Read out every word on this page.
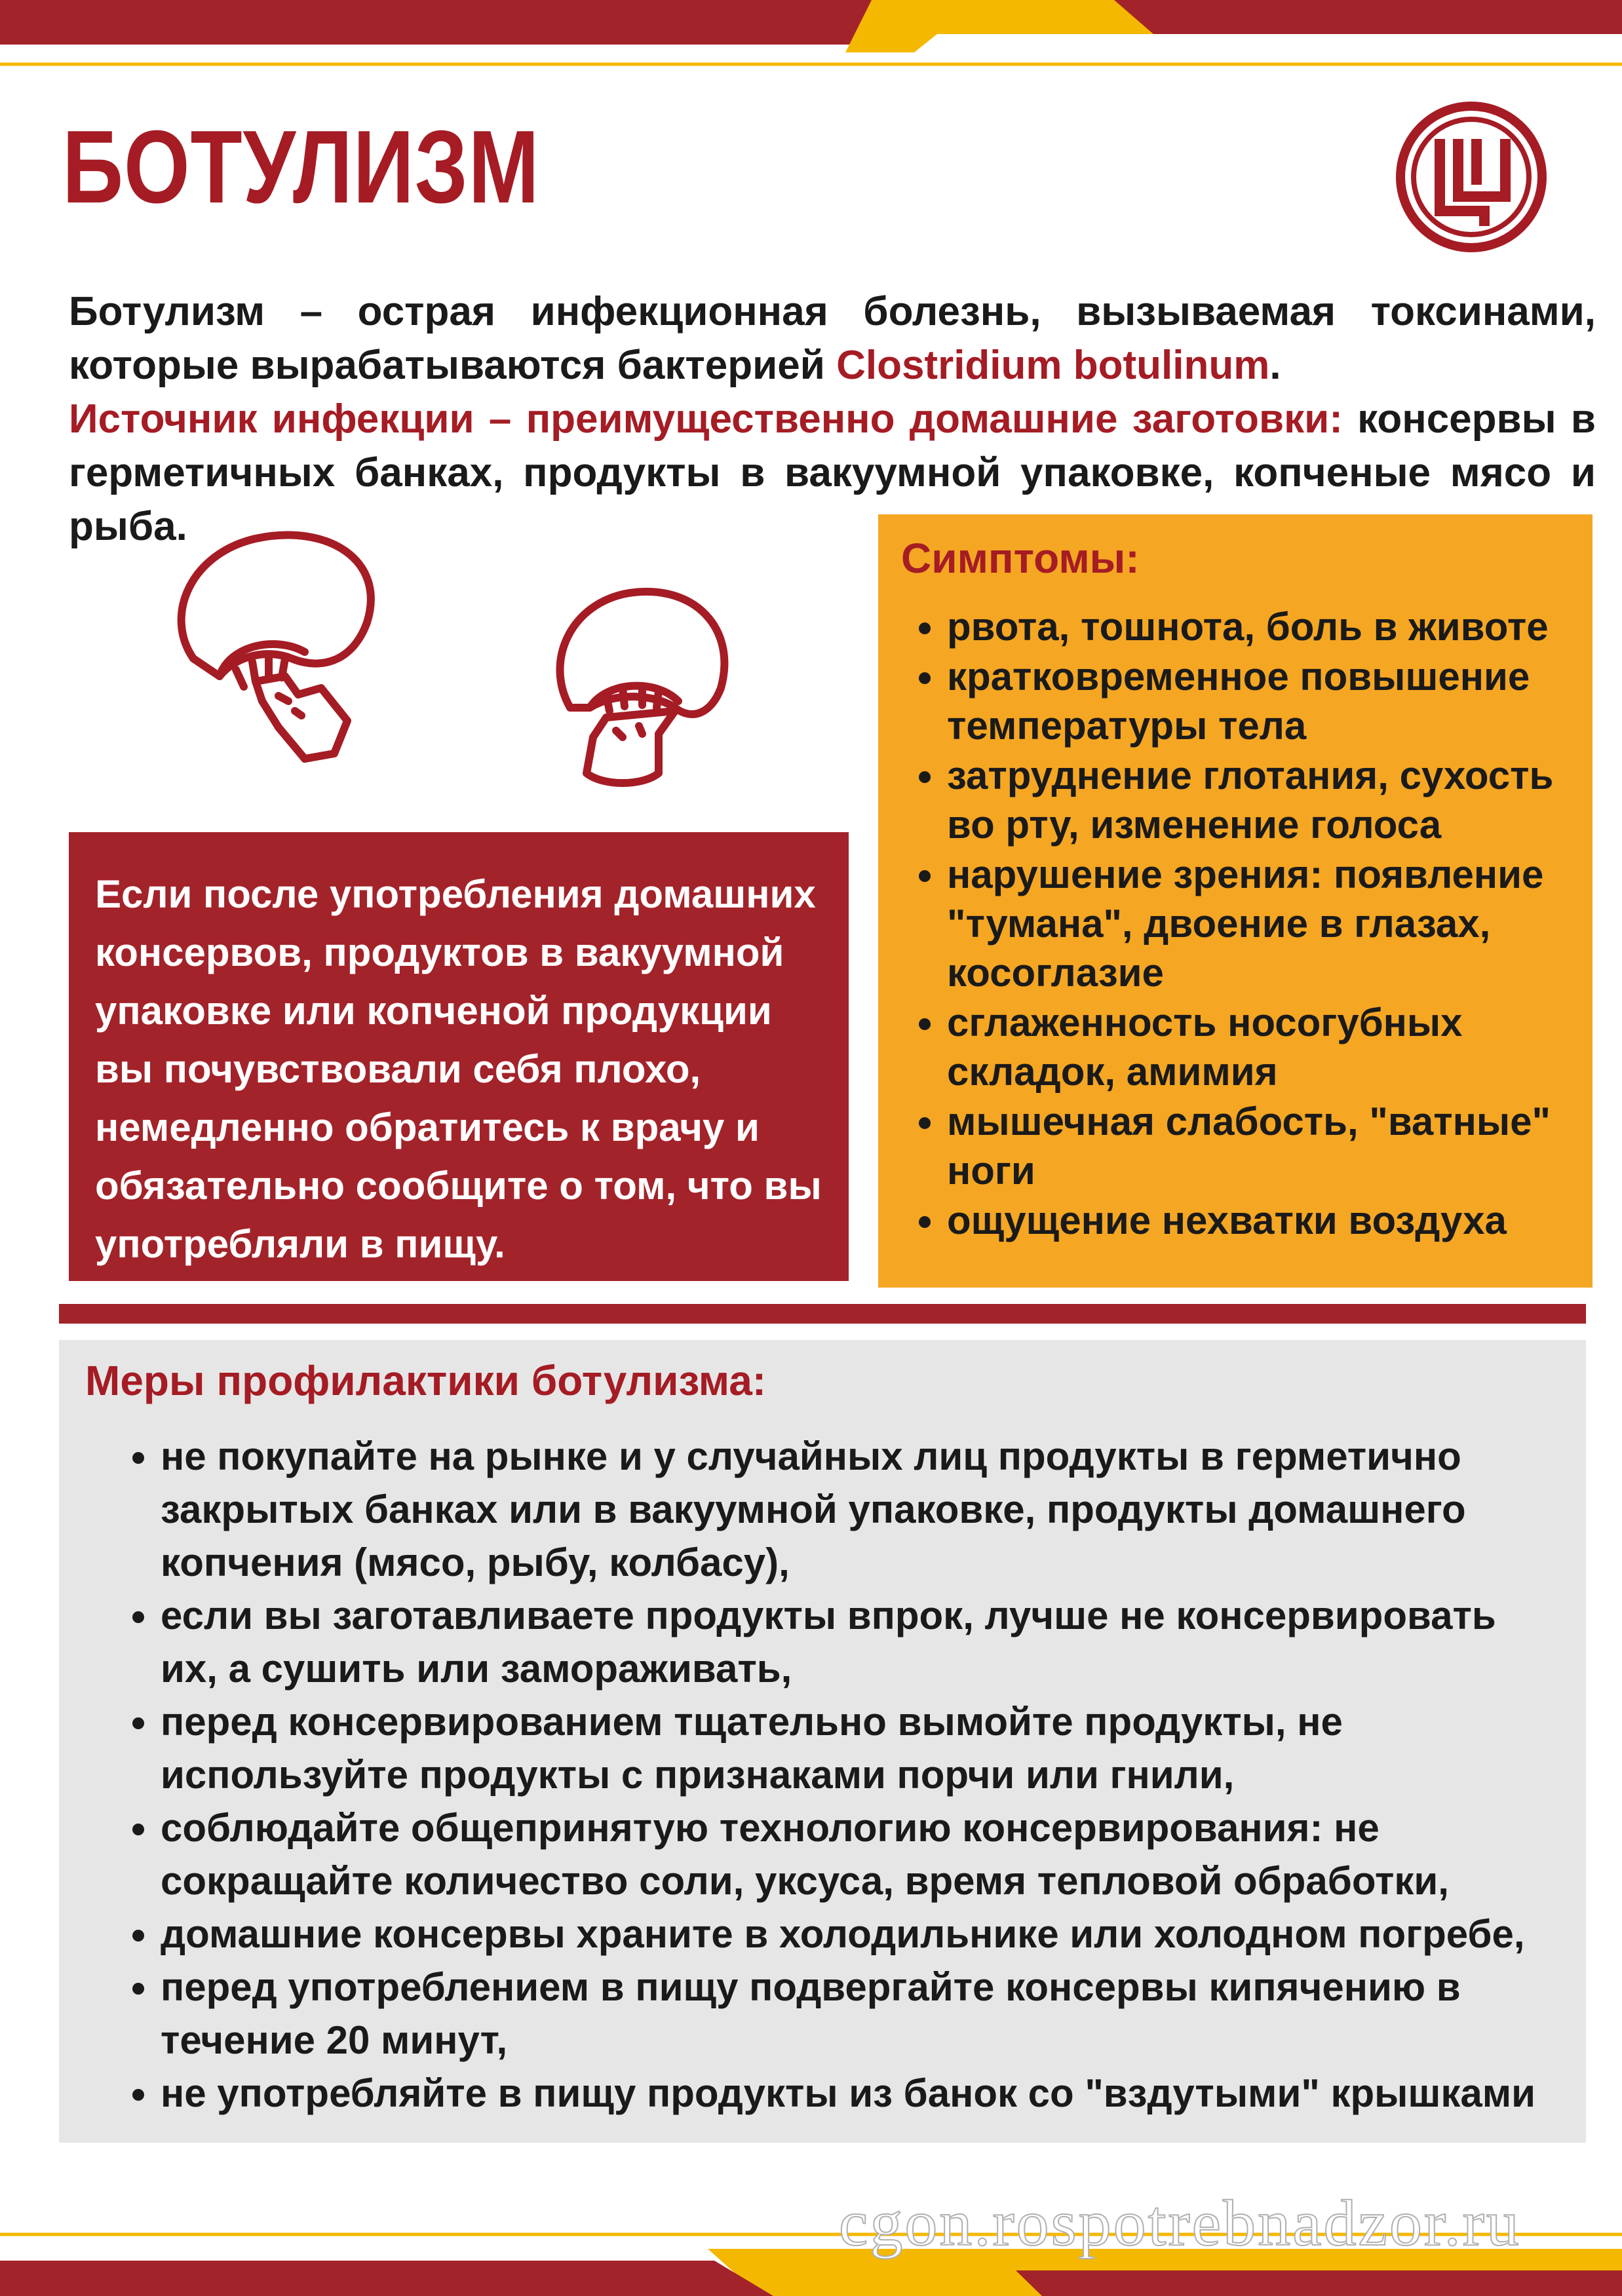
БОТУЛИЗМ

Ботулизм – острая инфекционная болезнь, вызываемая токсинами, которые вырабатываются бактерией Clostridium botulinum.

Источник инфекции – преимущественно домашние заготовки: консервы в герметичных банках, продукты в вакуумной упаковке, копченые мясо и рыба.

Если после употребления домашних консервов, продуктов в вакуумной упаковке или копченой продукции вы почувствовали себя плохо, немедленно обратитесь к врачу и обязательно сообщите о том, что вы употребляли в пищу.
Симптомы:
• рвота, тошнота, боль в животе
• кратковременное повышение температуры тела
• затруднение глотания, сухость во рту, изменение голоса
• нарушение зрения: появление "тумана", двоение в глазах, косоглазие
• сглаженность носогубных складок, амимия
• мышечная слабость, "ватные" ноги
• ощущение нехватки воздуха
Меры профилактики ботулизма:
• не покупайте на рынке и у случайных лиц продукты в герметично закрытых банках или в вакуумной упаковке, продукты домашнего копчения (мясо, рыбу, колбасу),
• если вы заготавливаете продукты впрок, лучше не консервировать их, а сушить или замораживать,
• перед консервированием тщательно вымойте продукты, не используйте продукты с признаками порчи или гнили,
• соблюдайте общепринятую технологию консервирования: не сокращайте количество соли, уксуса, время тепловой обработки,
• домашние консервы храните в холодильнике или холодном погребе,
• перед употреблением в пищу подвергайте консервы кипячению в течение 20 минут,
• не употребляйте в пищу продукты из банок со "вздутыми" крышками
cgon.rospotrebnadzor.ru
